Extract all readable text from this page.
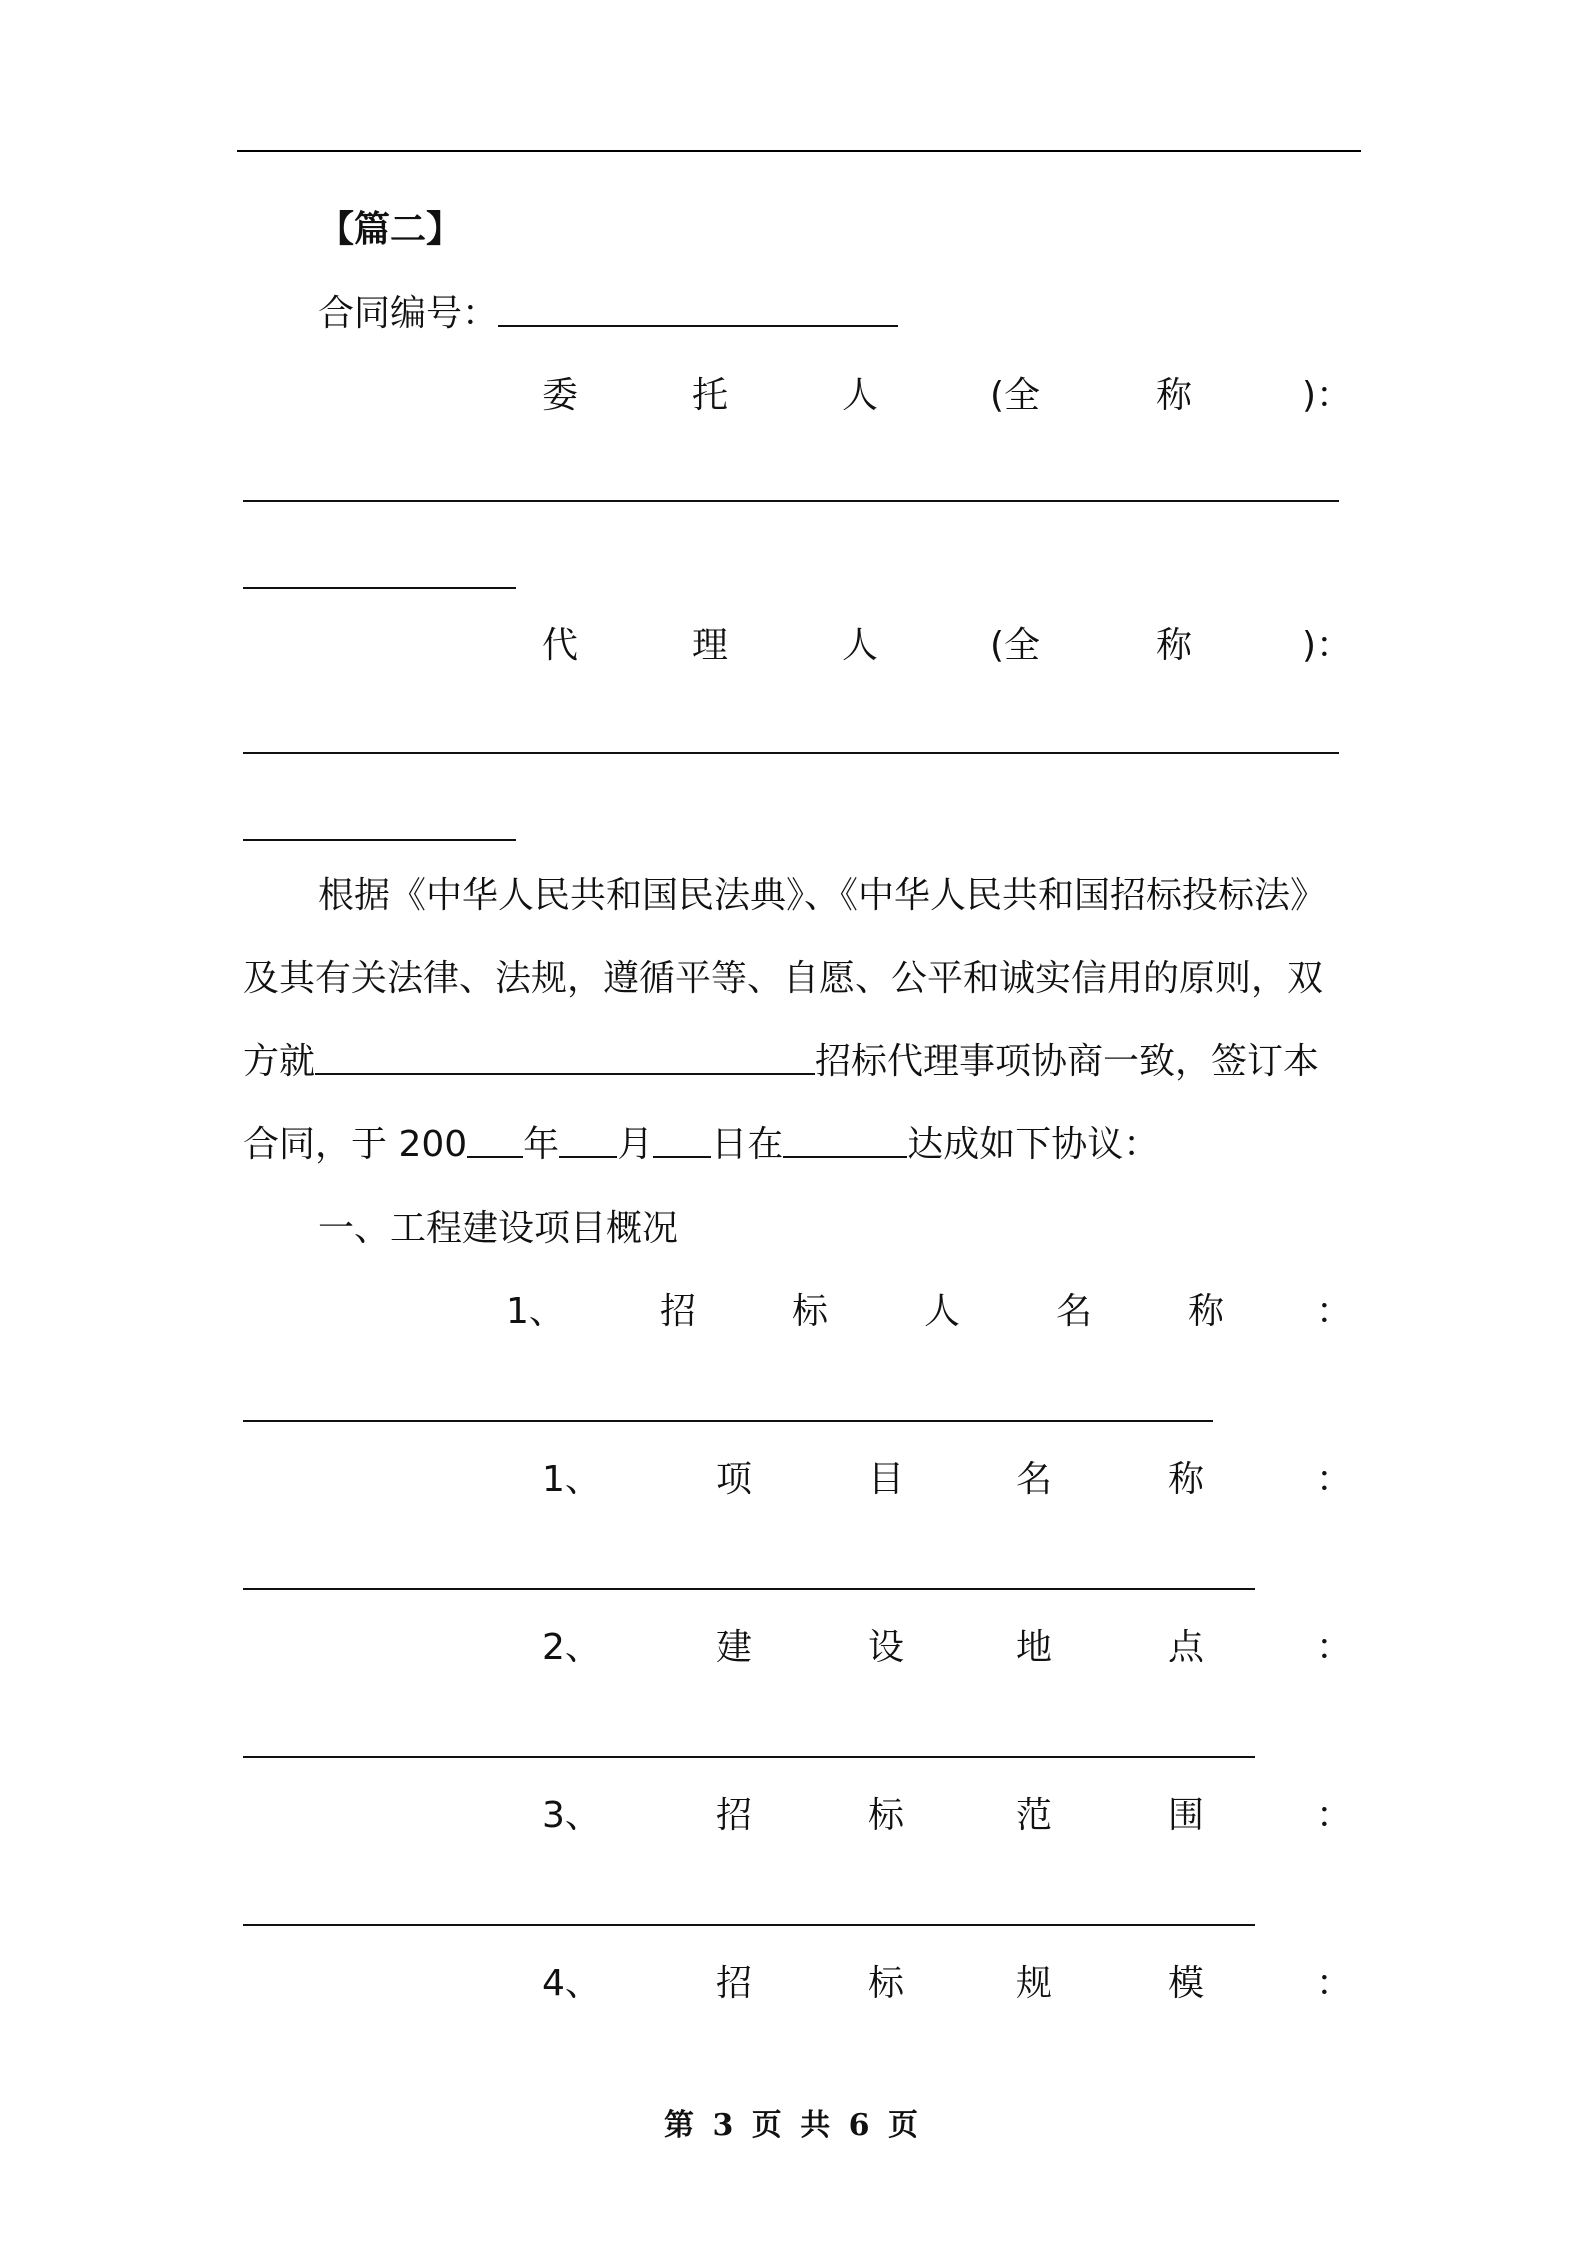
【篇二】
合同编号：
委	托	人	(全	称	)：
代	理	人	(全	称	)：
根据《中华人民共和国民法典》、《中华人民共和国招标投标法》
及其有关法律、法规，遵循平等、自愿、公平和诚实信用的原则，双
方就	招标代理事项协商一致，签订本
合同，于 200 年 月 日在	达成如下协议：
一、工程建设项目概况
1、	招	标	人	名	称	：
1、	项	目	名	称	：
2、	建	设	地	点	：
3、	招	标	范	围	：
4、	招	标	规	模	：
第 3 页 共 6 页
